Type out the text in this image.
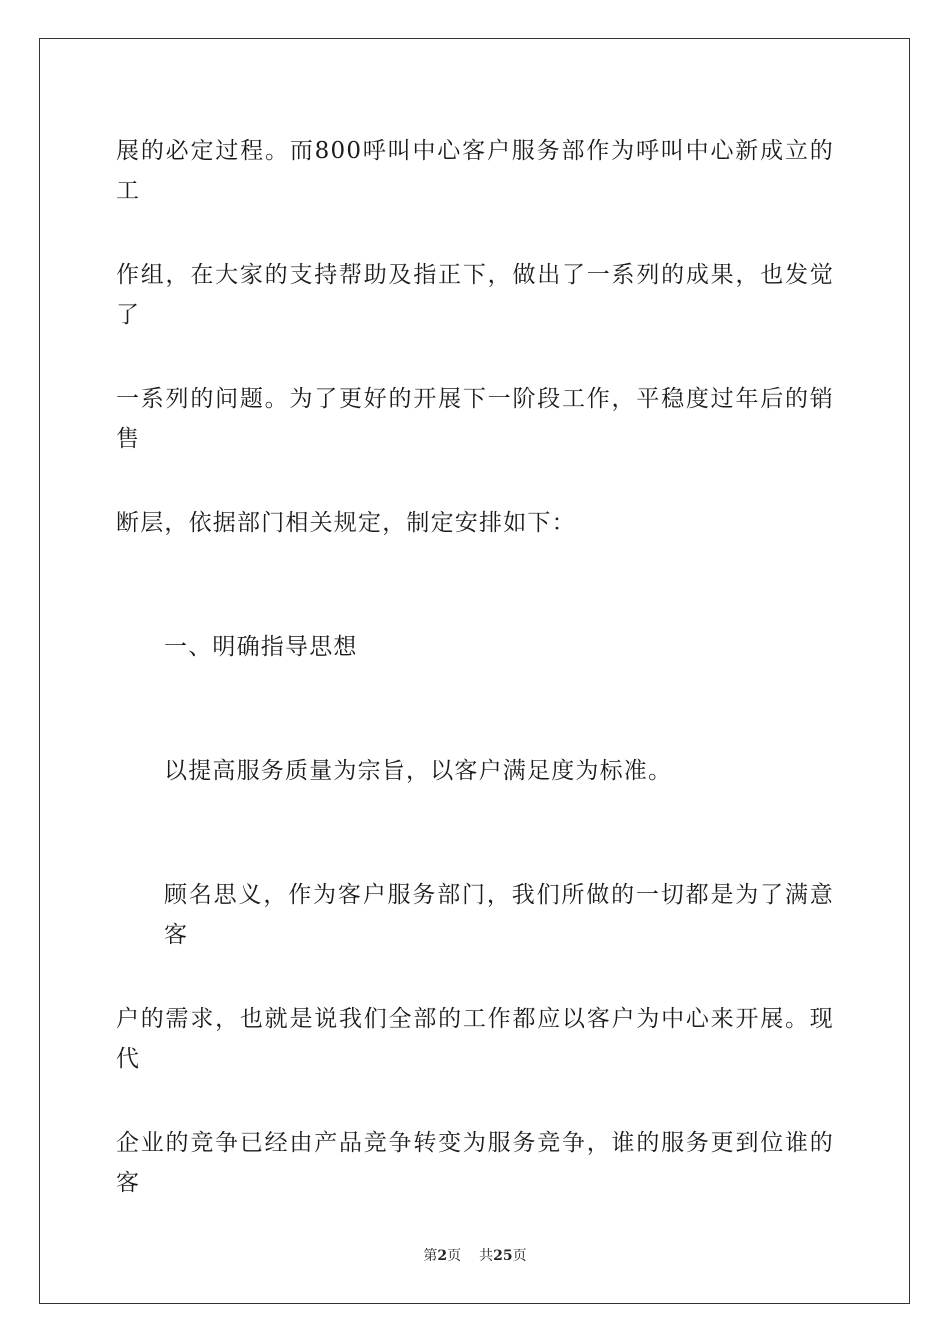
展的必定过程。而800呼叫中心客户服务部作为呼叫中心新成立的工
作组，在大家的支持帮助及指正下，做出了一系列的成果，也发觉了
一系列的问题。为了更好的开展下一阶段工作，平稳度过年后的销售
断层，依据部门相关规定，制定安排如下：
一、明确指导思想
以提高服务质量为宗旨，以客户满足度为标准。
顾名思义，作为客户服务部门，我们所做的一切都是为了满意客
户的需求，也就是说我们全部的工作都应以客户为中心来开展。现代
企业的竞争已经由产品竞争转变为服务竞争，谁的服务更到位谁的客
第2页 共25页
